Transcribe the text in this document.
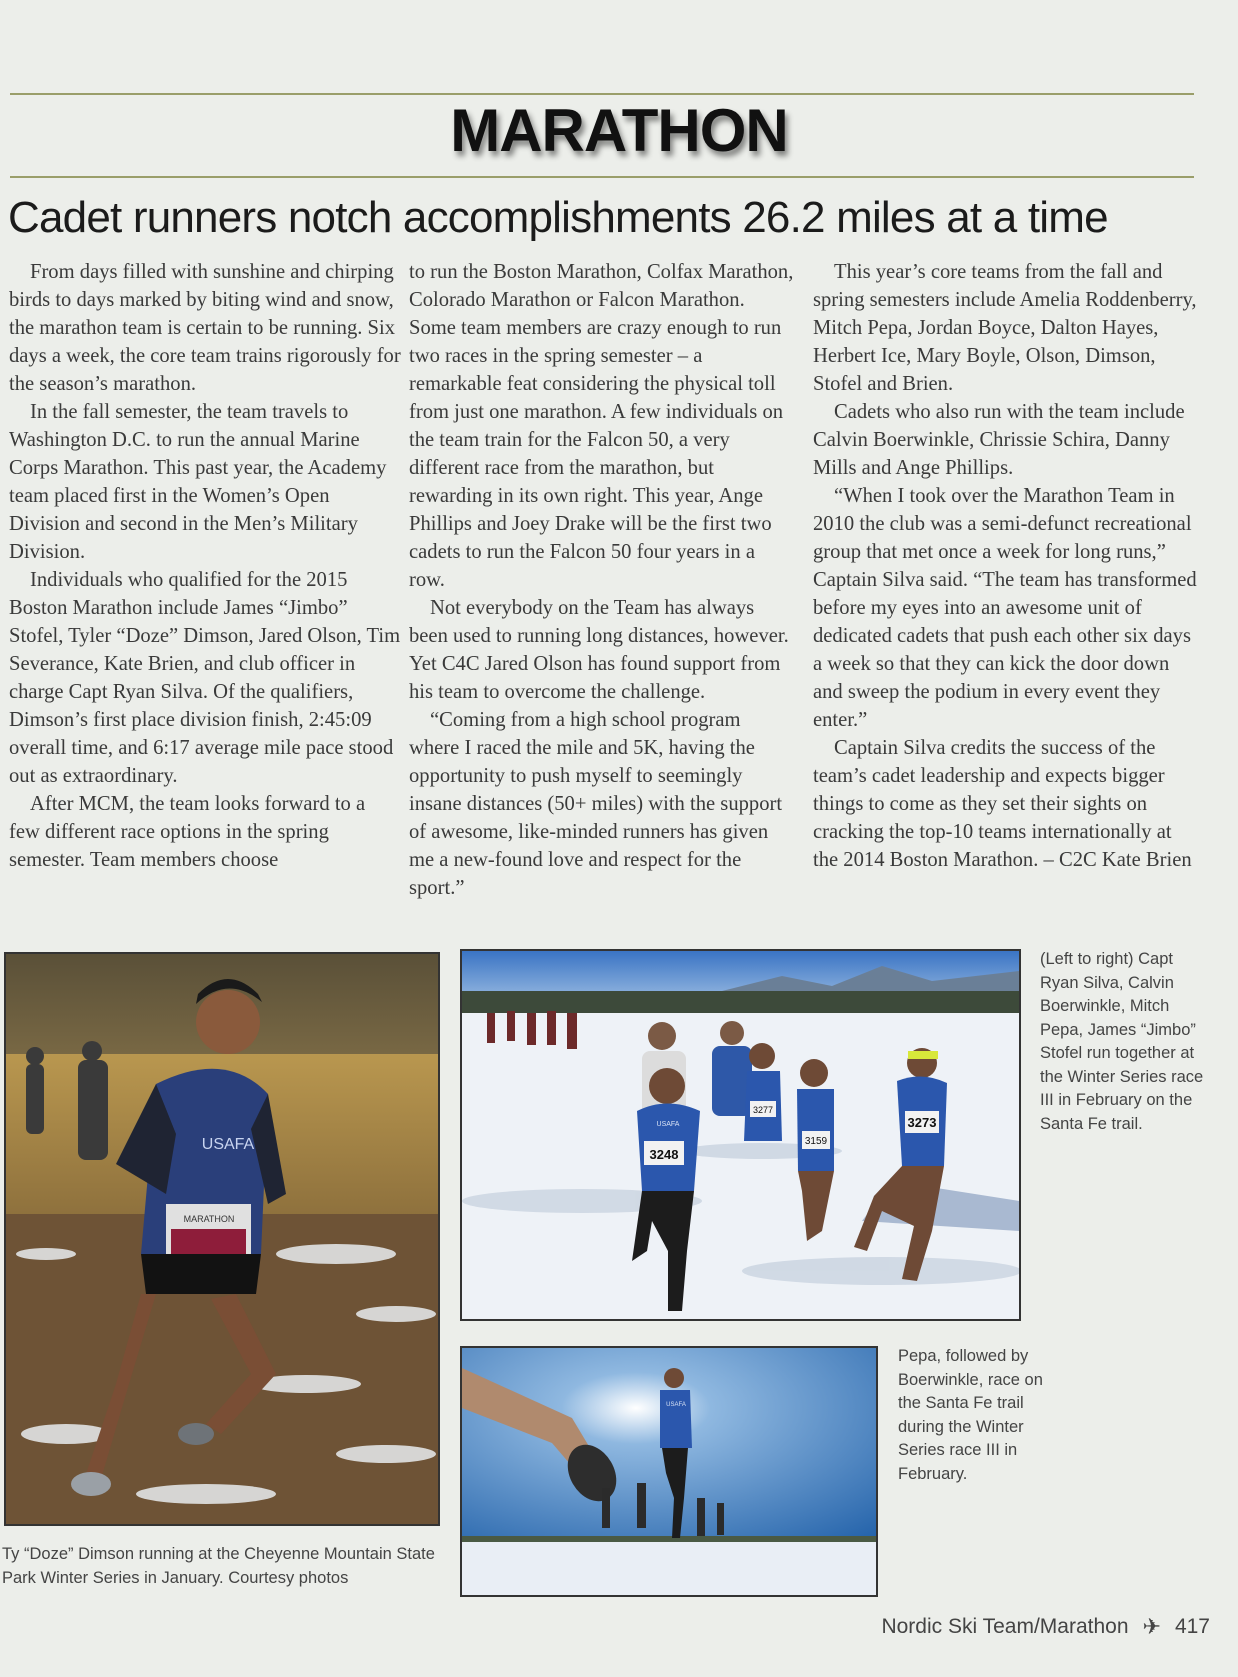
MARATHON
Cadet runners notch accomplishments 26.2 miles at a time

From days filled with sunshine and chirping birds to days marked by biting wind and snow, the marathon team is certain to be running. Six days a week, the core team trains rigorously for the season’s marathon.

In the fall semester, the team travels to Washington D.C. to run the annual Marine Corps Marathon. This past year, the Academy team placed first in the Women’s Open Division and second in the Men’s Military Division.

Individuals who qualified for the 2015 Boston Marathon include James “Jimbo” Stofel, Tyler “Doze” Dimson, Jared Olson, Tim Severance, Kate Brien, and club officer in charge Capt Ryan Silva. Of the qualifiers, Dimson’s first place division finish, 2:45:09 overall time, and 6:17 average mile pace stood out as extraordinary.

After MCM, the team looks forward to a few different race options in the spring semester. Team members choose

to run the Boston Marathon, Colfax Marathon, Colorado Marathon or Falcon Marathon. Some team members are crazy enough to run two races in the spring semester – a remarkable feat considering the physical toll from just one marathon. A few individuals on the team train for the Falcon 50, a very different race from the marathon, but rewarding in its own right. This year, Ange Phillips and Joey Drake will be the first two cadets to run the Falcon 50 four years in a row.

Not everybody on the Team has always been used to running long distances, however. Yet C4C Jared Olson has found support from his team to overcome the challenge.

“Coming from a high school program where I raced the mile and 5K, having the opportunity to push myself to seemingly insane distances (50+ miles) with the support of awesome, like-minded runners has given me a new-found love and respect for the sport.”

This year’s core teams from the fall and spring semesters include Amelia Roddenberry, Mitch Pepa, Jordan Boyce, Dalton Hayes, Herbert Ice, Mary Boyle, Olson, Dimson, Stofel and Brien.

Cadets who also run with the team include Calvin Boerwinkle, Chrissie Schira, Danny Mills and Ange Phillips.

“When I took over the Marathon Team in 2010 the club was a semi-defunct recreational group that met once a week for long runs,” Captain Silva said. “The team has transformed before my eyes into an awesome unit of dedicated cadets that push each other six days a week so that they can kick the door down and sweep the podium in every event they enter.”

Captain Silva credits the success of the team’s cadet leadership and expects bigger things to come as they set their sights on cracking the top-10 teams internationally at the 2014 Boston Marathon. – C2C Kate Brien

USAFA
MARATHON
3248
USAFA
3277
3159
3273
(Left to right) Capt Ryan Silva, Calvin Boerwinkle, Mitch Pepa, James “Jimbo” Stofel run together at the Winter Series race III in February on the Santa Fe trail.
USAFA
Pepa, followed by Boerwinkle, race on the Santa Fe trail during the Winter Series race III in February.
Ty “Doze” Dimson running at the Cheyenne Mountain State Park Winter Series in January. Courtesy photos
Nordic Ski Team/Marathon ✈ 417
